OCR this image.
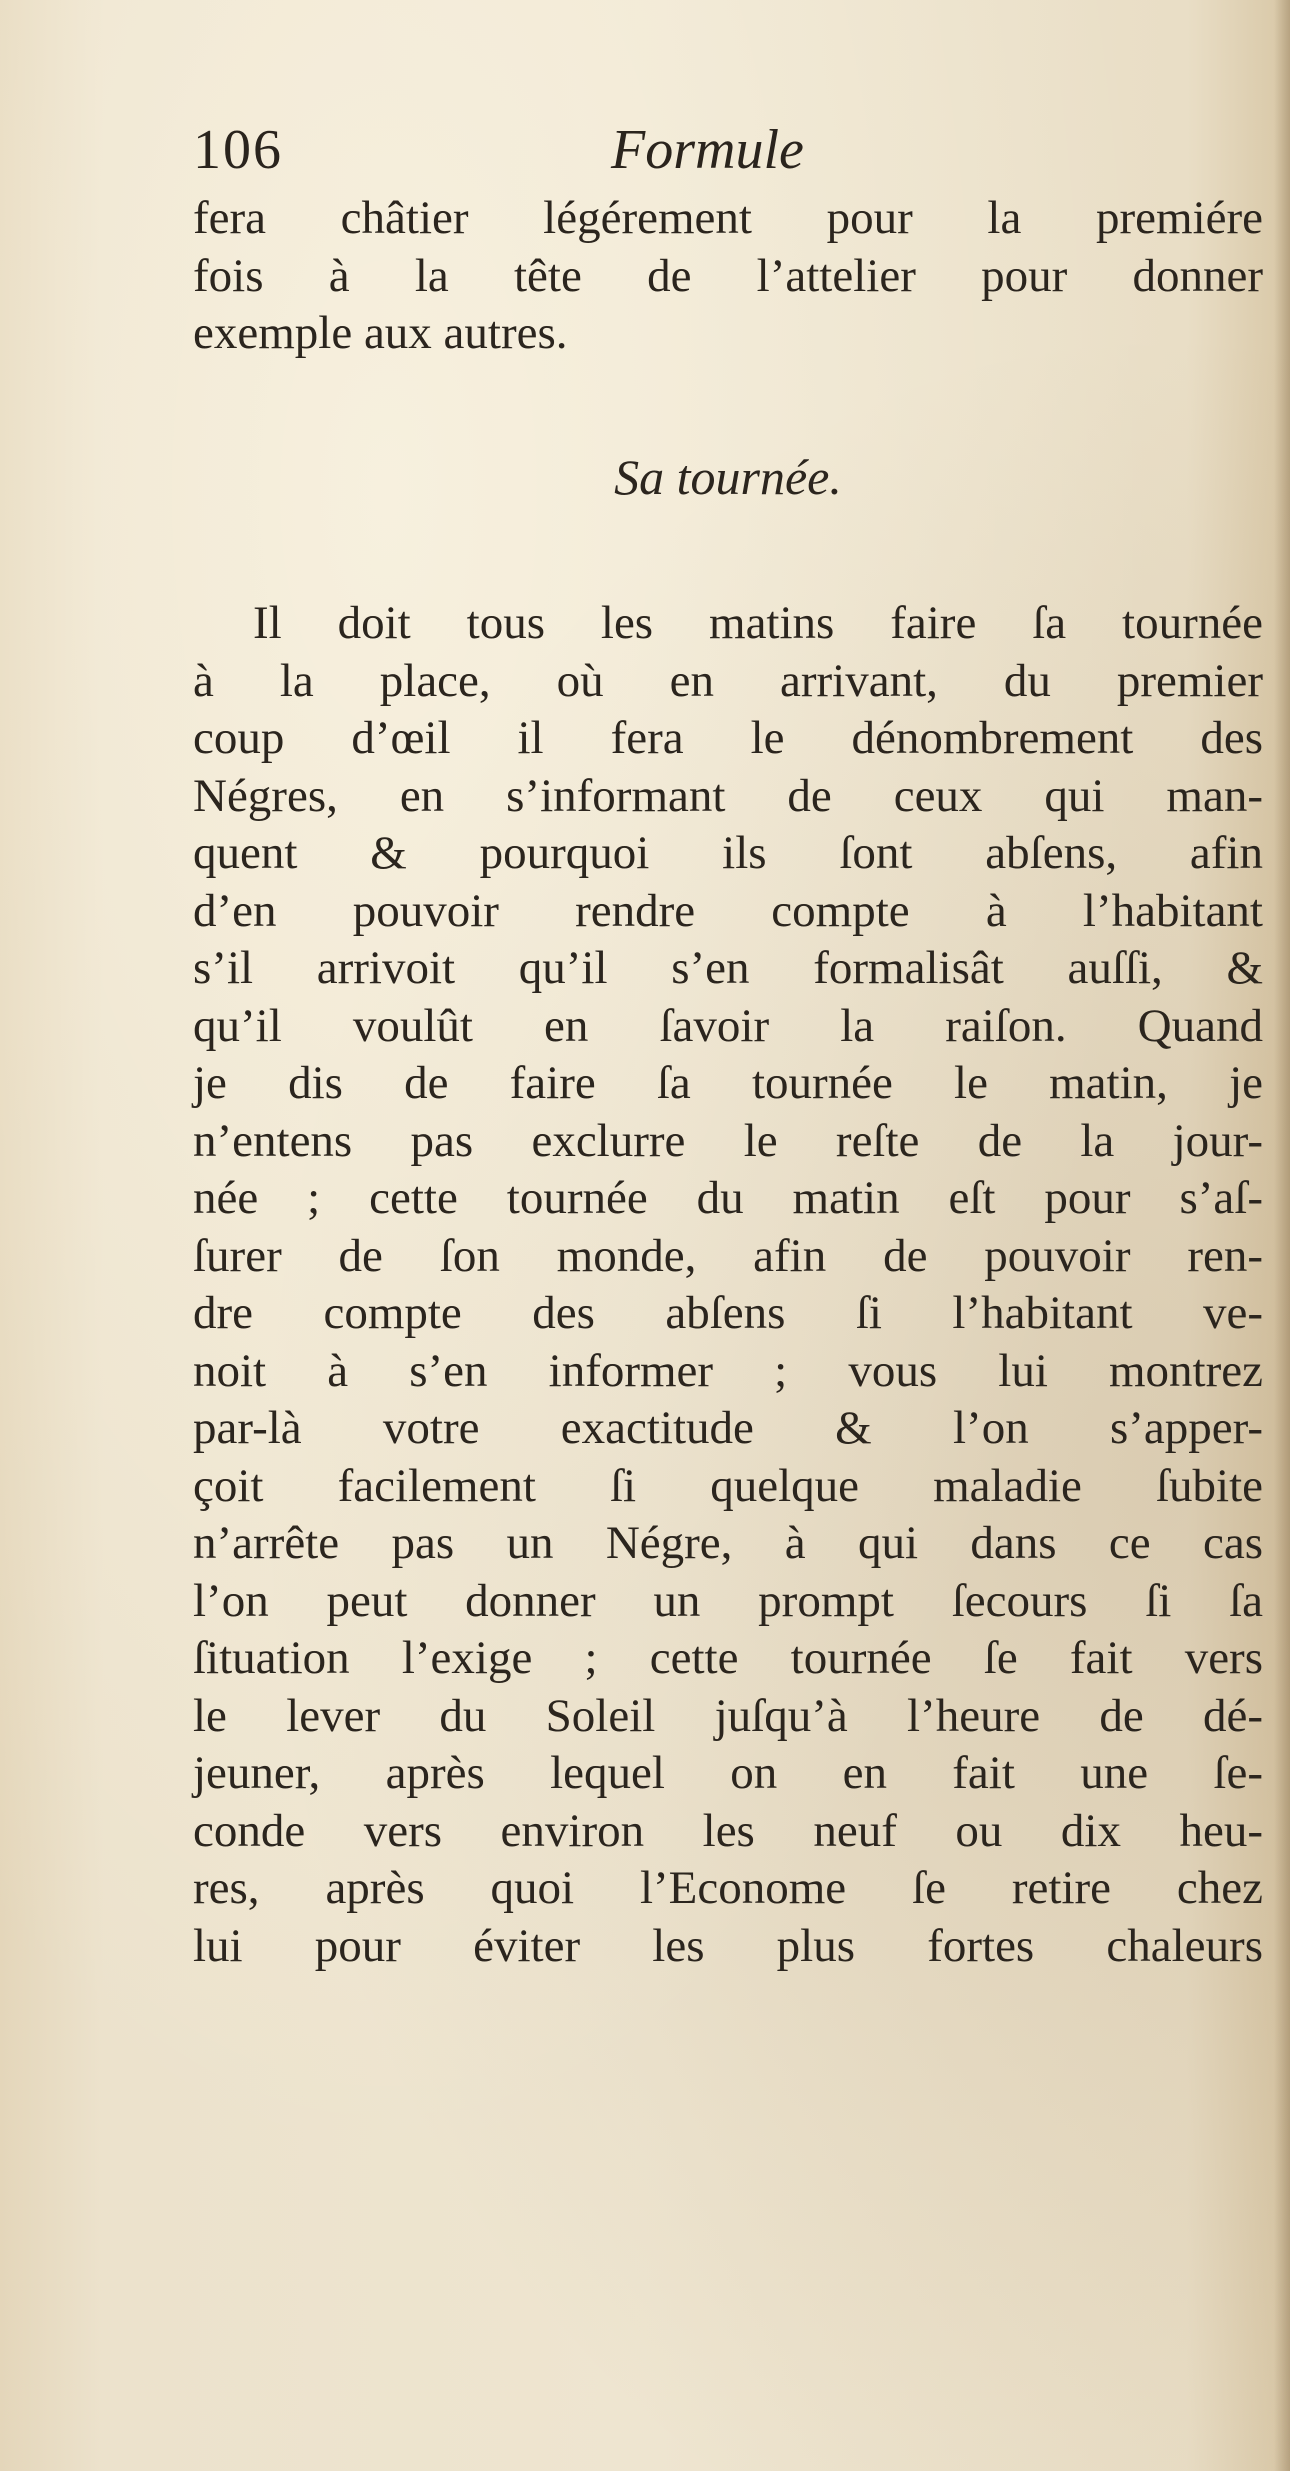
106	Formule
fera châtier légérement pour la premiére
fois à la tête de l’attelier pour donner
exemple aux autres.
Sa tournée.
Il doit tous les matins faire ſa tournée
à la place, où en arrivant, du premier
coup d’œil il fera le dénombrement des
Négres, en s’informant de ceux qui man-
quent & pourquoi ils ſont abſens, afin
d’en pouvoir rendre compte à l’habitant
s’il arrivoit qu’il s’en formalisât auſſi, &
qu’il voulût en ſavoir la raiſon. Quand
je dis de faire ſa tournée le matin, je
n’entens pas exclurre le reſte de la jour-
née ; cette tournée du matin eſt pour s’aſ-
ſurer de ſon monde, afin de pouvoir ren-
dre compte des abſens ſi l’habitant ve-
noit à s’en informer ; vous lui montrez
par-là votre exactitude & l’on s’apper-
çoit facilement ſi quelque maladie ſubite
n’arrête pas un Négre, à qui dans ce cas
l’on peut donner un prompt ſecours ſi ſa
ſituation l’exige ; cette tournée ſe fait vers
le lever du Soleil juſqu’à l’heure de dé-
jeuner, après lequel on en fait une ſe-
conde vers environ les neuf ou dix heu-
res, après quoi l’Econome ſe retire chez
lui pour éviter les plus fortes chaleurs
